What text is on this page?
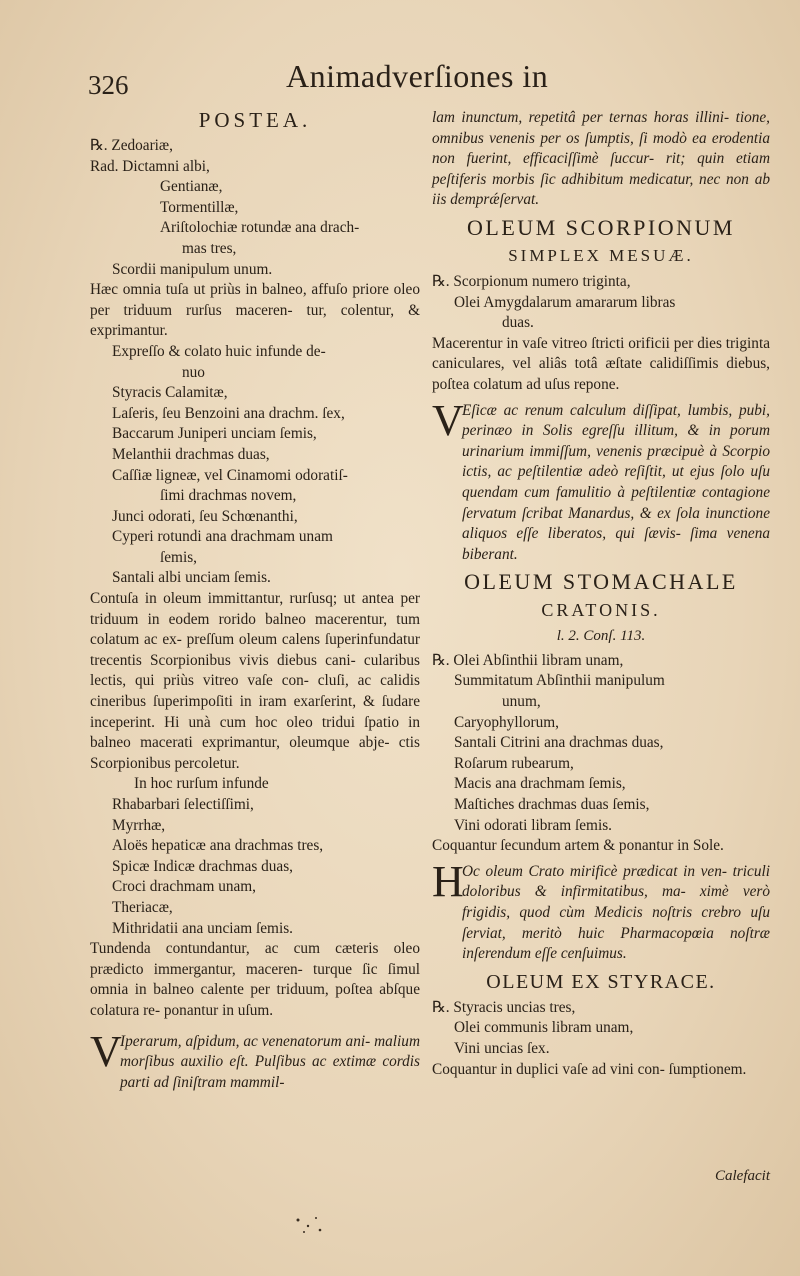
326	Animadverſiones in
POSTEA.
℞. Zedoariæ,
Rad. Dictamni albi,
Gentianæ,
Tormentillæ,
Ariſtolochiæ rotundæ ana drach-
mas tres,
Scordii manipulum unum.
Hæc omnia tuſa ut priùs in balneo, affuſo priore oleo per triduum rurſus maceren- tur, colentur, & exprimantur.
Expreſſo & colato huic infunde de-
nuo
Styracis Calamitæ,
Laſeris, ſeu Benzoini ana drachm. ſex,
Baccarum Juniperi unciam ſemis,
Melanthii drachmas duas,
Caſſiæ ligneæ, vel Cinamomi odoratiſ-
ſimi drachmas novem,
Junci odorati, ſeu Schœnanthi,
Cyperi rotundi ana drachmam unam
ſemis,
Santali albi unciam ſemis.
Contuſa in oleum immittantur, rurſusq; ut antea per triduum in eodem rorido balneo macerentur, tum colatum ac ex- preſſum oleum calens ſuperinfundatur trecentis Scorpionibus vivis diebus cani- cularibus lectis, qui priùs vitreo vaſe con- cluſi, ac calidis cineribus ſuperimpoſiti in iram exarſerint, & ſudare inceperint. Hi unà cum hoc oleo tridui ſpatio in balneo macerati exprimantur, oleumque abje- ctis Scorpionibus percoletur.
In hoc rurſum infunde
Rhabarbari ſelectiſſimi,
Myrrhæ,
Aloës hepaticæ ana drachmas tres,
Spicæ Indicæ drachmas duas,
Croci drachmam unam,
Theriacæ,
Mithridatii ana unciam ſemis.
Tundenda contundantur, ac cum cæteris oleo prædicto immergantur, maceren- turque ſic ſimul omnia in balneo calente per triduum, poſtea abſque colatura re- ponantur in uſum.
V
Iperarum, aſpidum, ac venenatorum ani- malium morſibus auxilio eſt. Pulſibus ac extimæ cordis parti ad ſiniſtram mammil-
lam inunctum, repetitâ per ternas horas illini- tione, omnibus venenis per os ſumptis, ſi modò ea erodentia non fuerint, efficaciſſimè ſuccur- rit; quin etiam peſtiferis morbis ſic adhibitum medicatur, nec non ab iis demprǽſervat.
OLEUM SCORPIONUM
SIMPLEX MESUÆ.
℞. Scorpionum numero triginta,
Olei Amygdalarum amararum libras
duas.
Macerentur in vaſe vitreo ſtricti orificii per dies triginta caniculares, vel aliâs totâ æſtate calidiſſimis diebus, poſtea colatum ad uſus repone.
V
Eſicæ ac renum calculum diſſipat, lumbis, pubi, perinæo in Solis egreſſu illitum, & in porum urinarium immiſſum, venenis præcipuè à Scorpio ictis, ac peſtilentiæ adeò reſiſtit, ut ejus ſolo uſu quendam cum famulitio à peſtilentiæ contagione ſervatum ſcribat Manardus, & ex ſola inunctione aliquos eſſe liberatos, qui ſævis- ſima venena biberant.
OLEUM STOMACHALE
CRATONIS.
l. 2. Conſ. 113.
℞. Olei Abſinthii libram unam,
Summitatum Abſinthii manipulum
unum,
Caryophyllorum,
Santali Citrini ana drachmas duas,
Roſarum rubearum,
Macis ana drachmam ſemis,
Maſtiches drachmas duas ſemis,
Vini odorati libram ſemis.
Coquantur ſecundum artem & ponantur in Sole.
H
Oc oleum Crato mirificè prædicat in ven- triculi doloribus & infirmitatibus, ma- ximè verò frigidis, quod cùm Medicis noſtris crebro uſu ſerviat, meritò huic Pharmacopœia noſtræ inſerendum eſſe cenſuimus.
OLEUM EX STYRACE.
℞. Styracis uncias tres,
Olei communis libram unam,
Vini uncias ſex.
Coquantur in duplici vaſe ad vini con- ſumptionem.
Calefacit
